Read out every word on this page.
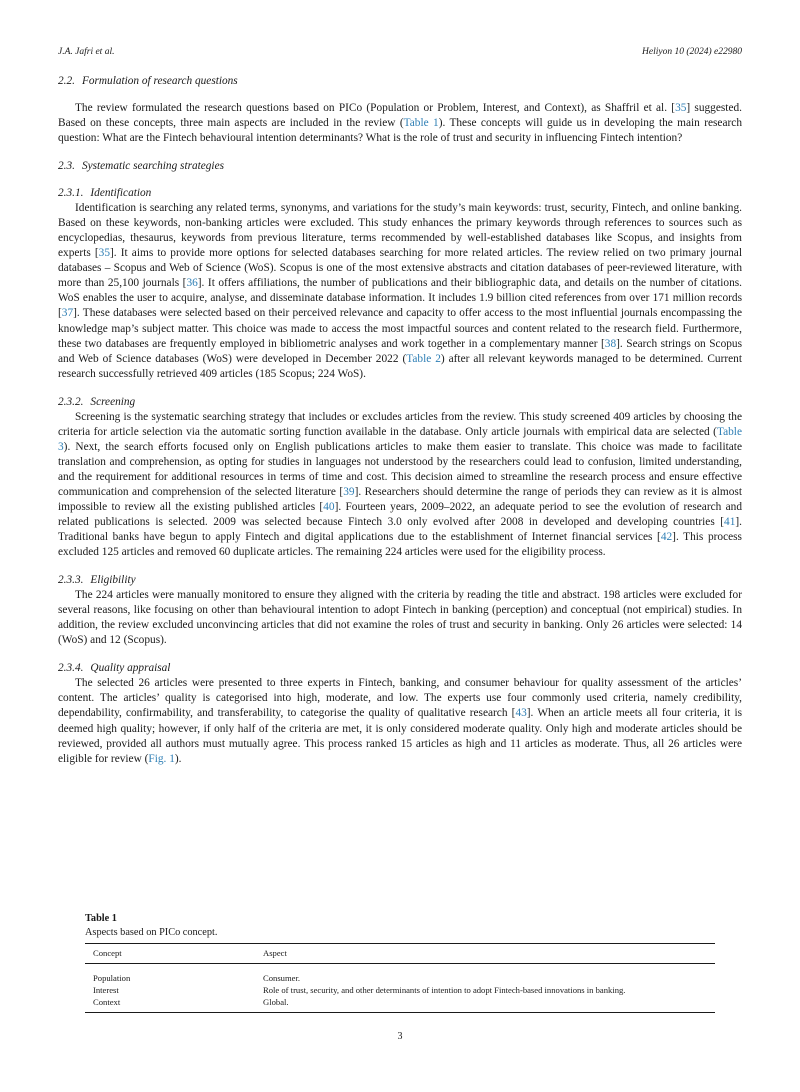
J.A. Jafri et al.	Heliyon 10 (2024) e22980
2.2. Formulation of research questions

The review formulated the research questions based on PICo (Population or Problem, Interest, and Context), as Shaffril et al. [35] suggested. Based on these concepts, three main aspects are included in the review (Table 1). These concepts will guide us in developing the main research question: What are the Fintech behavioural intention determinants? What is the role of trust and security in influencing Fintech intention?

2.3. Systematic searching strategies
2.3.1. Identification

Identification is searching any related terms, synonyms, and variations for the study’s main keywords: trust, security, Fintech, and online banking. Based on these keywords, non-banking articles were excluded. This study enhances the primary keywords through references to sources such as encyclopedias, thesaurus, keywords from previous literature, terms recommended by well-established databases like Scopus, and insights from experts [35]. It aims to provide more options for selected databases searching for more related articles. The review relied on two primary journal databases – Scopus and Web of Science (WoS). Scopus is one of the most extensive abstracts and citation databases of peer-reviewed literature, with more than 25,100 journals [36]. It offers affiliations, the number of publications and their bibliographic data, and details on the number of citations. WoS enables the user to acquire, analyse, and disseminate database information. It includes 1.9 billion cited references from over 171 million records [37]. These databases were selected based on their perceived relevance and capacity to offer access to the most influential journals encompassing the knowledge map’s subject matter. This choice was made to access the most impactful sources and content related to the research field. Furthermore, these two databases are frequently employed in bibliometric analyses and work together in a complementary manner [38]. Search strings on Scopus and Web of Science databases (WoS) were developed in December 2022 (Table 2) after all relevant keywords managed to be determined. Current research successfully retrieved 409 articles (185 Scopus; 224 WoS).

2.3.2. Screening

Screening is the systematic searching strategy that includes or excludes articles from the review. This study screened 409 articles by choosing the criteria for article selection via the automatic sorting function available in the database. Only article journals with empirical data are selected (Table 3). Next, the search efforts focused only on English publications articles to make them easier to translate. This choice was made to facilitate translation and comprehension, as opting for studies in languages not understood by the researchers could lead to confusion, limited understanding, and the requirement for additional resources in terms of time and cost. This decision aimed to streamline the research process and ensure effective communication and comprehension of the selected literature [39]. Researchers should determine the range of periods they can review as it is almost impossible to review all the existing published articles [40]. Fourteen years, 2009–2022, an adequate period to see the evolution of research and related publications is selected. 2009 was selected because Fintech 3.0 only evolved after 2008 in developed and developing countries [41]. Traditional banks have begun to apply Fintech and digital applications due to the establishment of Internet financial services [42]. This process excluded 125 articles and removed 60 duplicate articles. The remaining 224 articles were used for the eligibility process.

2.3.3. Eligibility

The 224 articles were manually monitored to ensure they aligned with the criteria by reading the title and abstract. 198 articles were excluded for several reasons, like focusing on other than behavioural intention to adopt Fintech in banking (perception) and conceptual (not empirical) studies. In addition, the review excluded unconvincing articles that did not examine the roles of trust and security in banking. Only 26 articles were selected: 14 (WoS) and 12 (Scopus).

2.3.4. Quality appraisal

The selected 26 articles were presented to three experts in Fintech, banking, and consumer behaviour for quality assessment of the articles’ content. The articles’ quality is categorised into high, moderate, and low. The experts use four commonly used criteria, namely credibility, dependability, confirmability, and transferability, to categorise the quality of qualitative research [43]. When an article meets all four criteria, it is deemed high quality; however, if only half of the criteria are met, it is only considered moderate quality. Only high and moderate articles should be reviewed, provided all authors must mutually agree. This process ranked 15 articles as high and 11 articles as moderate. Thus, all 26 articles were eligible for review (Fig. 1).

Table 1
Aspects based on PICo concept.
Concept	Aspect
Population	Consumer.
Interest	Role of trust, security, and other determinants of intention to adopt Fintech-based innovations in banking.
Context	Global.
3
